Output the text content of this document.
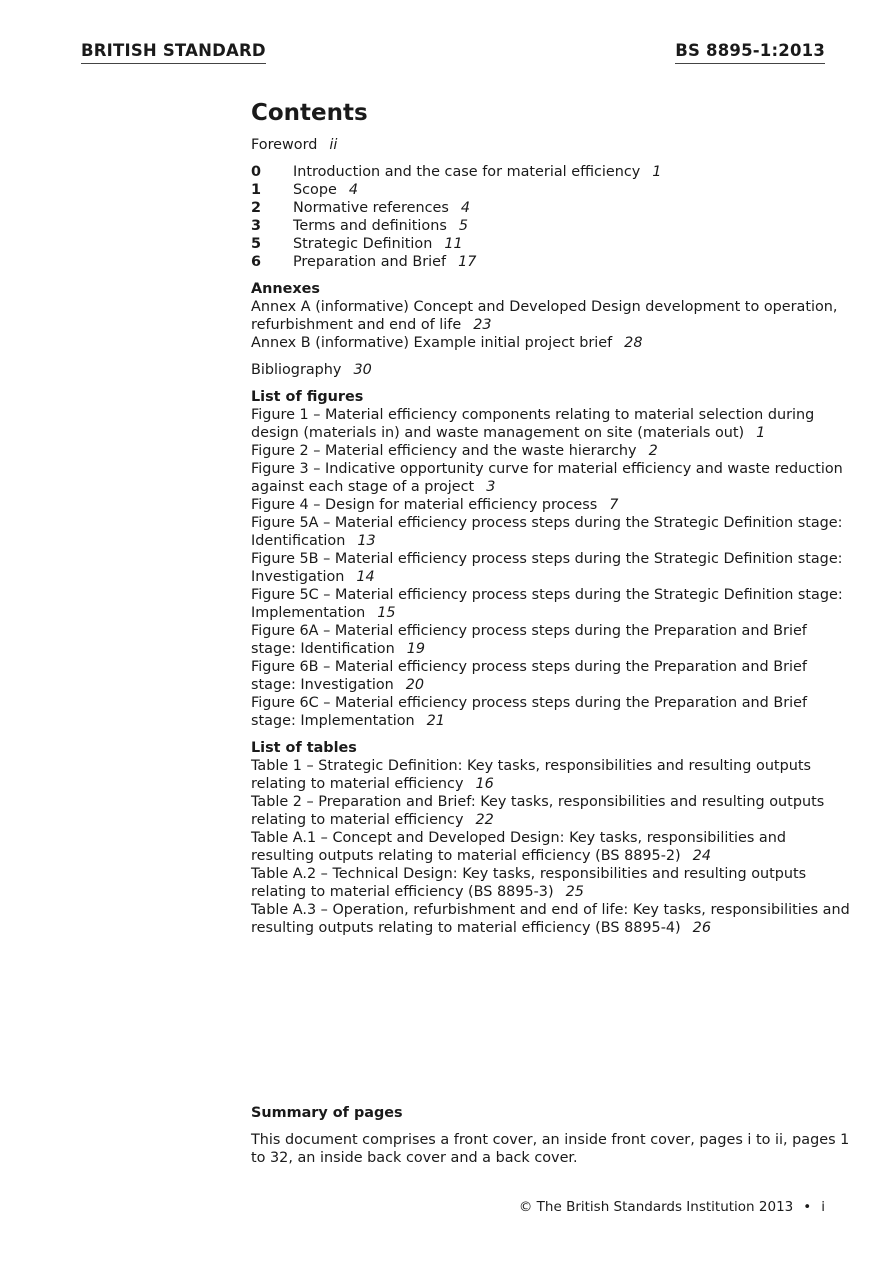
BRITISH STANDARD	BS 8895-1:2013
Contents
Foreword ii
0	Introduction and the case for material efficiency 1
1	Scope 4
2	Normative references 4
3	Terms and definitions 5
5	Strategic Definition 11
6	Preparation and Brief 17
Annexes
Annex A (informative) Concept and Developed Design development to operation, refurbishment and end of life 23
Annex B (informative) Example initial project brief 28
Bibliography 30
List of figures
Figure 1 – Material efficiency components relating to material selection during design (materials in) and waste management on site (materials out) 1
Figure 2 – Material efficiency and the waste hierarchy 2
Figure 3 – Indicative opportunity curve for material efficiency and waste reduction against each stage of a project 3
Figure 4 – Design for material efficiency process 7
Figure 5A – Material efficiency process steps during the Strategic Definition stage: Identification 13
Figure 5B – Material efficiency process steps during the Strategic Definition stage: Investigation 14
Figure 5C – Material efficiency process steps during the Strategic Definition stage: Implementation 15
Figure 6A – Material efficiency process steps during the Preparation and Brief stage: Identification 19
Figure 6B – Material efficiency process steps during the Preparation and Brief stage: Investigation 20
Figure 6C – Material efficiency process steps during the Preparation and Brief stage: Implementation 21
List of tables
Table 1 – Strategic Definition: Key tasks, responsibilities and resulting outputs relating to material efficiency 16
Table 2 – Preparation and Brief: Key tasks, responsibilities and resulting outputs relating to material efficiency 22
Table A.1 – Concept and Developed Design: Key tasks, responsibilities and resulting outputs relating to material efficiency (BS 8895-2) 24
Table A.2 – Technical Design: Key tasks, responsibilities and resulting outputs relating to material efficiency (BS 8895-3) 25
Table A.3 – Operation, refurbishment and end of life: Key tasks, responsibilities and resulting outputs relating to material efficiency (BS 8895-4) 26
Summary of pages
This document comprises a front cover, an inside front cover, pages i to ii, pages 1 to 32, an inside back cover and a back cover.
© The British Standards Institution 2013 • i
